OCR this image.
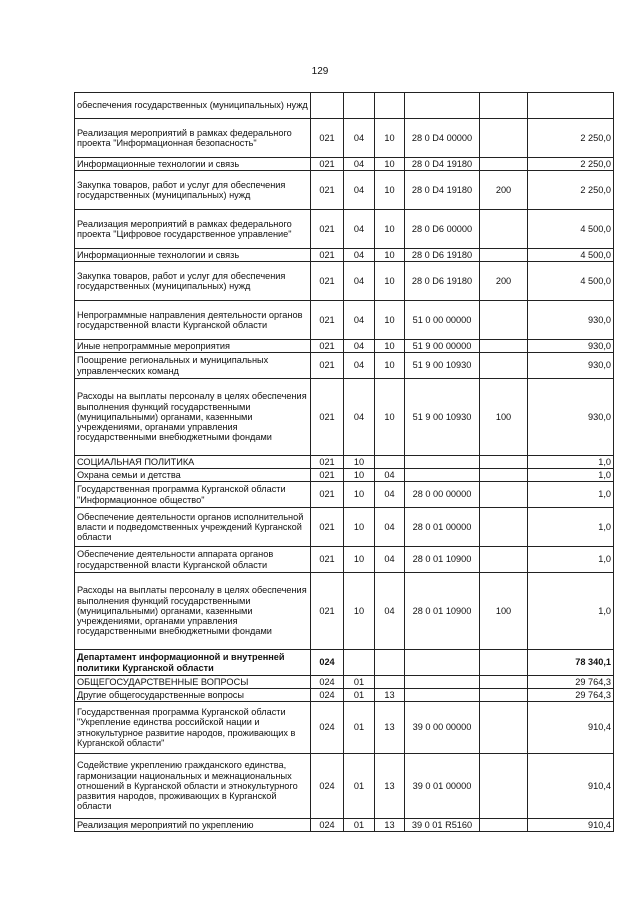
129
обеспечения государственных (муниципальных) нужд						
Реализация мероприятий в рамках федерального проекта "Информационная безопасность"	021	04	10	28 0 D4 00000		2 250,0
Информационные технологии и связь	021	04	10	28 0 D4 19180		2 250,0
Закупка товаров, работ и услуг для обеспечения государственных (муниципальных) нужд	021	04	10	28 0 D4 19180	200	2 250,0
Реализация мероприятий в рамках федерального проекта "Цифровое государственное управление"	021	04	10	28 0 D6 00000		4 500,0
Информационные технологии и связь	021	04	10	28 0 D6 19180		4 500,0
Закупка товаров, работ и услуг для обеспечения государственных (муниципальных) нужд	021	04	10	28 0 D6 19180	200	4 500,0
Непрограммные направления деятельности органов государственной власти Курганской области	021	04	10	51 0 00 00000		930,0
Иные непрограммные мероприятия	021	04	10	51 9 00 00000		930,0
Поощрение региональных и муниципальных управленческих команд	021	04	10	51 9 00 10930		930,0
Расходы на выплаты персоналу в целях обеспечения выполнения функций государственными (муниципальными) органами, казенными учреждениями, органами управления государственными внебюджетными фондами	021	04	10	51 9 00 10930	100	930,0
СОЦИАЛЬНАЯ ПОЛИТИКА	021	10				1,0
Охрана семьи и детства	021	10	04			1,0
Государственная программа Курганской области "Информационное общество"	021	10	04	28 0 00 00000		1,0
Обеспечение деятельности органов исполнительной власти и подведомственных учреждений Курганской области	021	10	04	28 0 01 00000		1,0
Обеспечение деятельности аппарата органов государственной власти Курганской области	021	10	04	28 0 01 10900		1,0
Расходы на выплаты персоналу в целях обеспечения выполнения функций государственными (муниципальными) органами, казенными учреждениями, органами управления государственными внебюджетными фондами	021	10	04	28 0 01 10900	100	1,0
Департамент информационной и внутренней политики Курганской области	024					78 340,1
ОБЩЕГОСУДАРСТВЕННЫЕ ВОПРОСЫ	024	01				29 764,3
Другие общегосударственные вопросы	024	01	13			29 764,3
Государственная программа Курганской области "Укрепление единства российской нации и этнокультурное развитие народов, проживающих в Курганской области"	024	01	13	39 0 00 00000		910,4
Содействие укреплению гражданского единства, гармонизации национальных и межнациональных отношений в Курганской области и этнокультурного развития народов, проживающих в Курганской области	024	01	13	39 0 01 00000		910,4
Реализация мероприятий по укреплению	024	01	13	39 0 01 R5160		910,4
